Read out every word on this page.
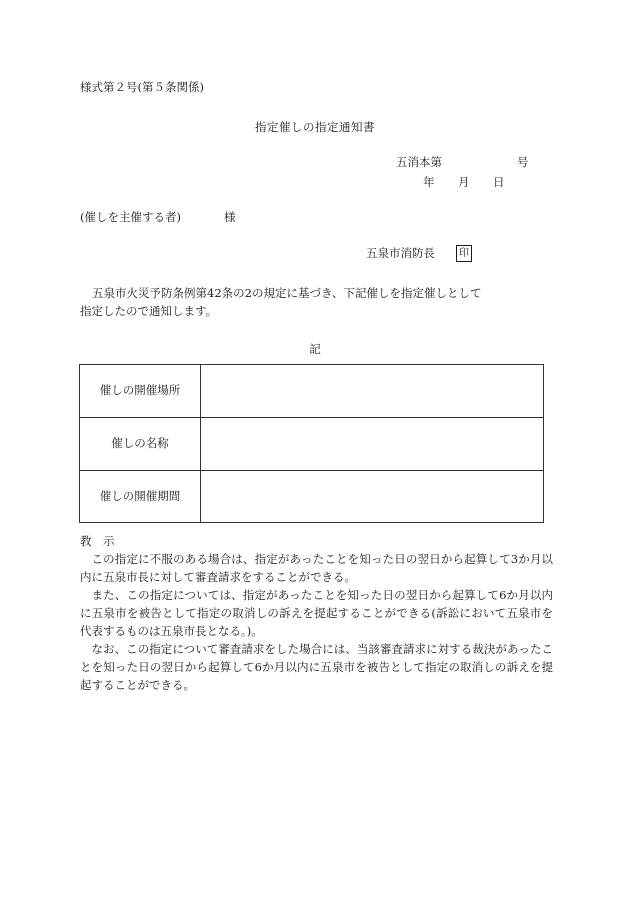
様式第２号(第５条関係)
指定催しの指定通知書
五消本第	号
年 月 日
(催しを主催する者)	様
五泉市消防長	印
五泉市火災予防条例第42条の2の規定に基づき、下記催しを指定催しとして
指定したので通知します。
記
催しの開催場所	
催しの名称	
催しの開催期間	
教　示

この指定に不服のある場合は、指定があったことを知った日の翌日から起算して3か月以内に五泉市長に対して審査請求をすることができる。

また、この指定については、指定があったことを知った日の翌日から起算して6か月以内に五泉市を被告として指定の取消しの訴えを提起することができる(訴訟において五泉市を代表するものは五泉市長となる。)。

なお、この指定について審査請求をした場合には、当該審査請求に対する裁決があったことを知った日の翌日から起算して6か月以内に五泉市を被告として指定の取消しの訴えを提起することができる。
